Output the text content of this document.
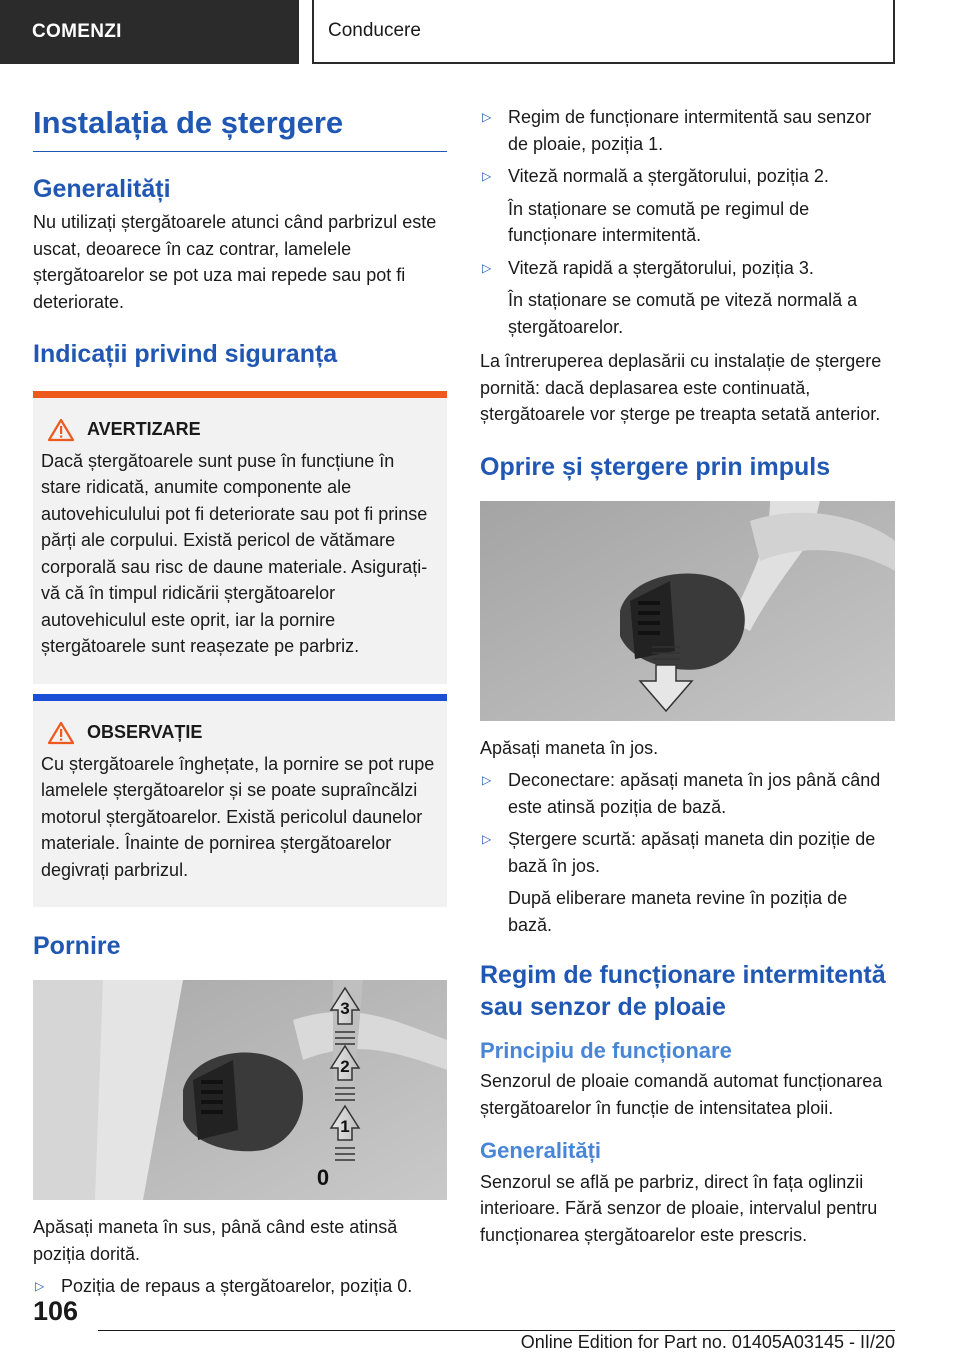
COMENZI	Conducere
Instalația de ștergere
Generalități
Nu utilizați ștergătoarele atunci când parbrizul este uscat, deoarece în caz contrar, lamelele ștergătoarelor se pot uza mai repede sau pot fi deteriorate.
Indicații privind siguranța
AVERTIZARE
Dacă ștergătoarele sunt puse în funcțiune în stare ridicată, anumite componente ale autovehiculului pot fi deteriorate sau pot fi prinse părți ale corpului. Există pericol de vătămare corporală sau risc de daune materiale. Asigurați-vă că în timpul ridicării ștergătoarelor autovehiculul este oprit, iar la pornire ștergătoarele sunt reașezate pe parbriz.
OBSERVAȚIE
Cu ștergătoarele înghețate, la pornire se pot rupe lamelele ștergătoarelor și se poate supraîncălzi motorul ștergătoarelor. Există pericolul daunelor materiale. Înainte de pornirea ștergătoarelor degivrați parbrizul.
Pornire
3
2
1
0
Apăsați maneta în sus, până când este atinsă poziția dorită.
▷ Poziția de repaus a ștergătoarelor, poziția 0.
▷ Regim de funcționare intermitentă sau senzor de ploaie, poziția 1.
▷ Viteză normală a ștergătorului, poziția 2.
În staționare se comută pe regimul de funcționare intermitentă.
▷ Viteză rapidă a ștergătorului, poziția 3.
În staționare se comută pe viteză normală a ștergătoarelor.
La întreruperea deplasării cu instalație de ștergere pornită: dacă deplasarea este continuată, ștergătoarele vor șterge pe treapta setată anterior.
Oprire și ștergere prin impuls
Apăsați maneta în jos.
▷ Deconectare: apăsați maneta în jos până când este atinsă poziția de bază.
▷ Ștergere scurtă: apăsați maneta din poziție de bază în jos.
După eliberare maneta revine în poziția de bază.
Regim de funcționare intermitentă sau senzor de ploaie
Principiu de funcționare
Senzorul de ploaie comandă automat funcționarea ștergătoarelor în funcție de intensitatea ploii.
Generalități
Senzorul se află pe parbriz, direct în fața oglinzii interioare. Fără senzor de ploaie, intervalul pentru funcționarea ștergătoarelor este prescris.
106
Online Edition for Part no. 01405A03145 - II/20
